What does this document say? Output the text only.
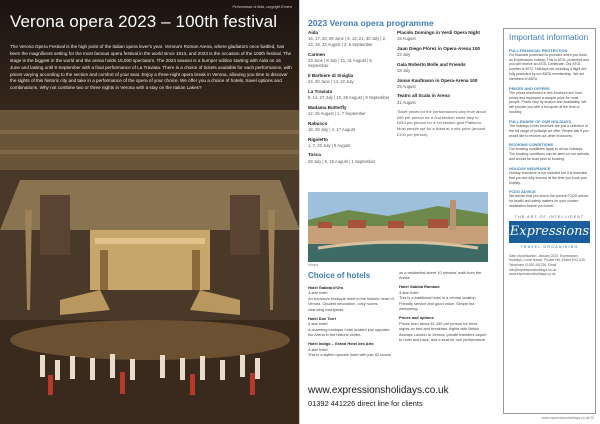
Performance of Aida, copyright Ennevi
Verona opera 2023 – 100th festival

The Verona Opera Festival is the high point of the Italian opera lover's year. Verona's Roman Arena, where gladiators once battled, has been the magnificent setting for the most famous opera festival in the world since 1913, and 2023 is the occasion of the 100th festival. The stage is the biggest in the world and the arena holds 15,000 spectators. The 2023 season is a bumper edition starting with Aida on 16 June and lasting until 9 September with a final performance of La Traviata. There is a choice of tickets available for each performance, with prices varying according to the section and comfort of your seat. Enjoy a three-night opera break in Verona, allowing you time to discover the sights of this historic city and take in a performance of the opera of your choice. We offer you a choice of hotels, travel options and combinations. Why not combine two or three nights in Verona with a stay on the Italian Lakes?

2023 Verona opera programme
Aida
16, 17, 20, 29 June | 6, 13, 21, 30 July | 2, 13, 19, 23 August | 3, 8 September
Carmen
23 June | 8 July | 11, 31 August | 6 September
Il Barbiere di Siviglia
24, 30 June | 14, 22 July
La Traviata
8, 14, 27 July | 10, 26 August | 9 September
Madama Butterfly
12, 25 August | 1, 7 September
Nabucco
18, 28 July | 4, 17 August
Rigoletto
1, 7, 20 July | 9 August
Tosca
28 July | 5, 18 August | 1 September
Placido Domingo in Verdi Opera Night
15 August
Juan Diego Flórez in Opera-Arena 100
23 July
Gala Roberto Bolle and Friends
18 July
Jonas Kaufmann in Opera-Arena 100
29 August
Teatro all Scala in Arena
31 August

Ticket prices for the performances vary from about £80 per person for a 2nd section stone step to £810 per person for a 1st section gold Platinum. Most people opt for a ticket at a mid-price (around £100 per person).

Verona
Choice of hotels
Hotel Gabbia d'Oro
4-star hotel
An exclusive boutique hotel in the historic heart of Verona. Opulent decoration, cosy rooms, charming courtyards.
Hotel Due Torri
4-star hotel
A charming boutique hotel located just opposite the Arena in the historic centre.
Hotel Indigo – Grand Hotel des Arts
4-star hotel
This is a stylish upscale hotel with just 82 rooms
on a residential street 10 minutes' walk from the Arena.
Hotel Gabbia Romano
3-star hotel
This is a traditional hotel in a central location. Friendly service and good value. Simple but welcoming.
Prices and options
Prices from about £1,150 per person for three nights on bed and breakfast, flights with British Airways London to Verona, private transfers airport to hotel and back, and a seat for one performance.
www.expressionsholidays.co.uk
01392 441226 direct line for clients
Important information
FULL FINANCIAL PROTECTION
For financial protection is provided when you book an Expressions holiday. This is ATOL-protected and you will receive an ATOL Certificate. Our ATOL number is 5072. Holidays not including a flight are fully protected by our ABTA membership. We are members of ABTA.
PRICES AND OFFERS
The prices mentioned in this brochure are 'from' prices and represent a sample price for most people. Prices vary by season and availability. We will provide you with a full quote at the time of booking.
FULL RANGE OF OUR HOLIDAYS
The holidays in this brochure are just a selection of the full range of holidays we offer. Please ask if you would like to receive our other brochures.
BOOKING CONDITIONS
Our booking conditions apply to all our holidays. The booking conditions can be seen on our website, and should be read prior to booking.
HOLIDAY INSURANCE
Holiday insurance is not included but it is essential that you are fully insured at the time you book your holiday.
FCDO ADVICE
We advise that you check the current FCDO advice for health and safety matters for your chosen destination before you travel.
THE ART OF INTELLIGENT
Expressions
TRAVEL ORGANISING
Date of publication: January 2023. Expressions Holidays, Lorne House, Pocket Hill, Exeter EX2 4JA. Telephone 01392 441226. Email info@expressionsholidays.co.uk www.expressionsholidays.co.uk
www.expressionsholidays.co.uk 25
